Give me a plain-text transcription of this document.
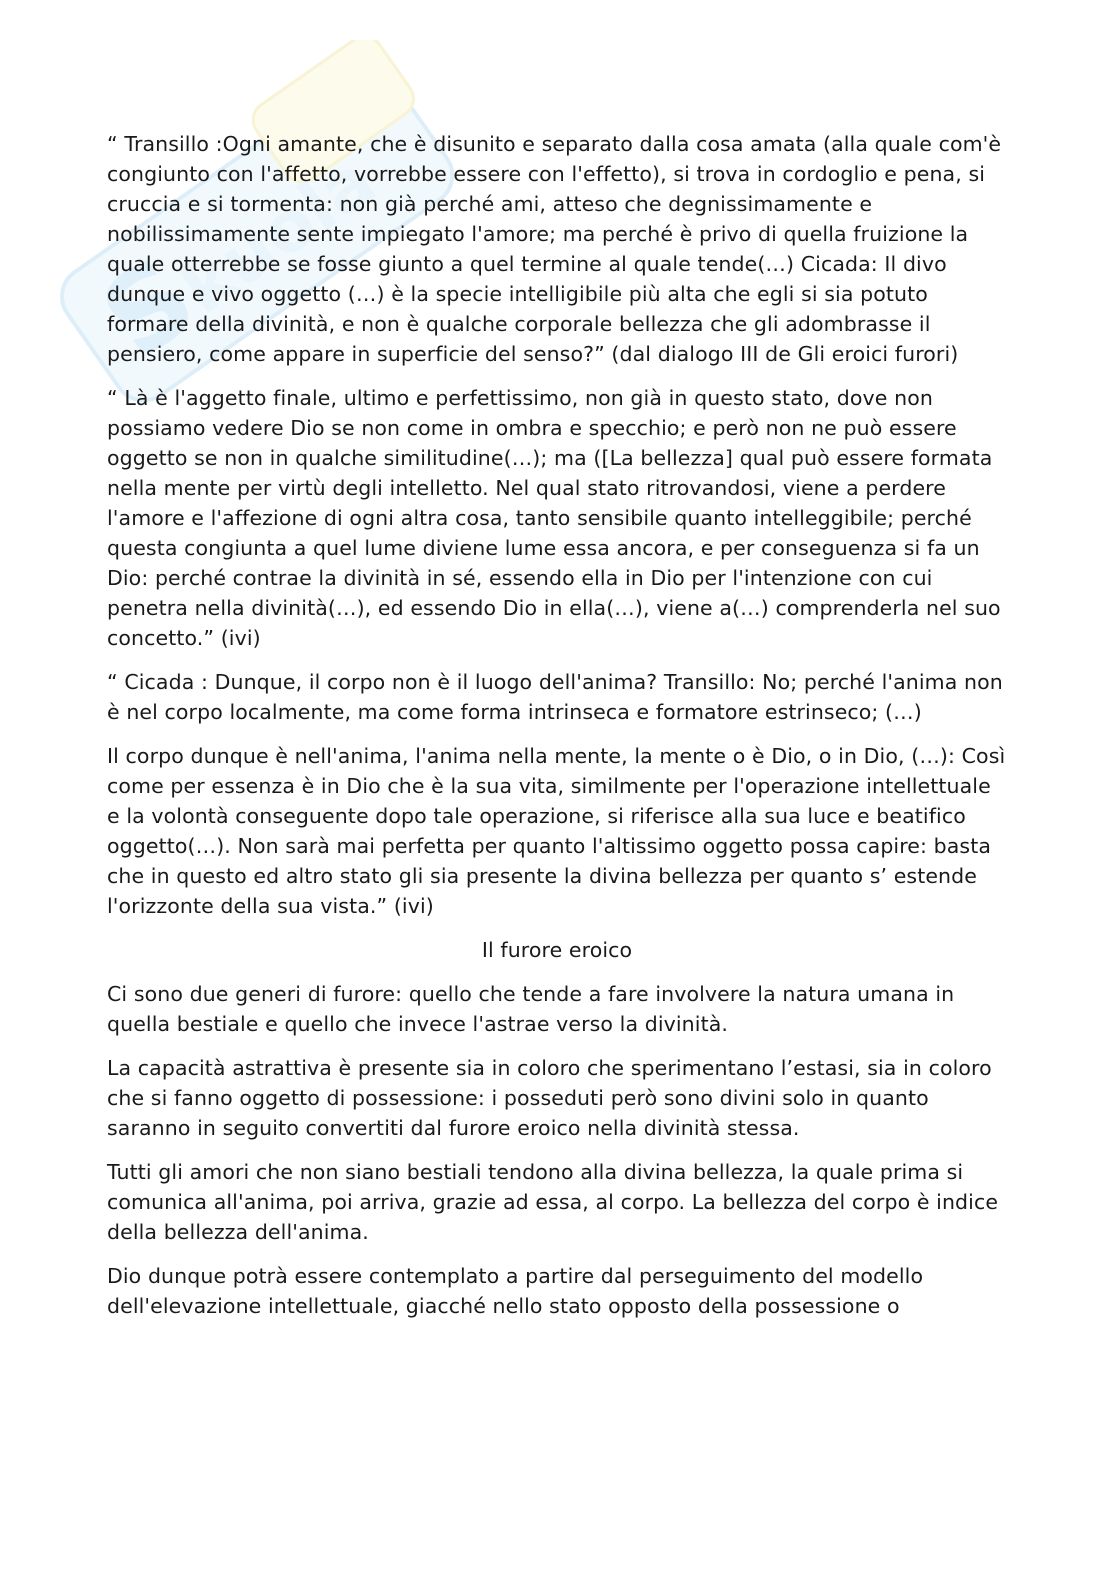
S
kuola

“ Transillo :Ogni amante, che è disunito e separato dalla cosa amata (alla quale com'è congiunto con l'affetto, vorrebbe essere con l'effetto), si trova in cordoglio e pena, si cruccia e si tormenta: non già perché ami, atteso che degnissimamente e nobilissimamente sente impiegato l'amore; ma perché è privo di quella fruizione la quale otterrebbe se fosse giunto a quel termine al quale tende(…) Cicada: Il divo dunque e vivo oggetto (…) è la specie intelligibile più alta che egli si sia potuto formare della divinità, e non è qualche corporale bellezza che gli adombrasse il pensiero, come appare in superficie del senso?” (dal dialogo III de Gli eroici furori)

“ Là è l'aggetto finale, ultimo e perfettissimo, non già in questo stato, dove non possiamo vedere Dio se non come in ombra e specchio; e però non ne può essere oggetto se non in qualche similitudine(…); ma ([La bellezza] qual può essere formata nella mente per virtù degli intelletto. Nel qual stato ritrovandosi, viene a perdere l'amore e l'affezione di ogni altra cosa, tanto sensibile quanto intelleggibile; perché questa congiunta a quel lume diviene lume essa ancora, e per conseguenza si fa un Dio: perché contrae la divinità in sé, essendo ella in Dio per l'intenzione con cui penetra nella divinità(…), ed essendo Dio in ella(…), viene a(…) comprenderla nel suo concetto.” (ivi)

“ Cicada : Dunque, il corpo non è il luogo dell'anima? Transillo: No; perché l'anima non è nel corpo localmente, ma come forma intrinseca e formatore estrinseco; (…)

Il corpo dunque è nell'anima, l'anima nella mente, la mente o è Dio, o in Dio, (…): Così come per essenza è in Dio che è la sua vita, similmente per l'operazione intellettuale e la volontà conseguente dopo tale operazione, si riferisce alla sua luce e beatifico oggetto(…). Non sarà mai perfetta per quanto l'altissimo oggetto possa capire: basta che in questo ed altro stato gli sia presente la divina bellezza per quanto s’ estende l'orizzonte della sua vista.” (ivi)

Il furore eroico

Ci sono due generi di furore: quello che tende a fare involvere la natura umana in quella bestiale e quello che invece l'astrae verso la divinità.

La capacità astrattiva è presente sia in coloro che sperimentano l’estasi, sia in coloro che si fanno oggetto di possessione: i posseduti però sono divini solo in quanto saranno in seguito convertiti dal furore eroico nella divinità stessa.

Tutti gli amori che non siano bestiali tendono alla divina bellezza, la quale prima si comunica all'anima, poi arriva, grazie ad essa, al corpo. La bellezza del corpo è indice della bellezza dell'anima.

Dio dunque potrà essere contemplato a partire dal perseguimento del modello dell'elevazione intellettuale, giacché nello stato opposto della possessione o
